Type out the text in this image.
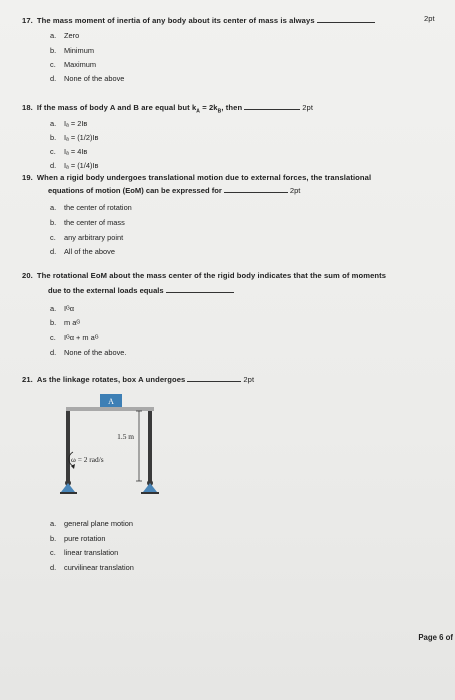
17. The mass moment of inertia of any body about its center of mass is always	2pt
a. Zero
b. Minimum
c. Maximum
d. None of the above
18. If the mass of body A and B are equal but $k_A = 2k_B$, then	2pt
a. Iₐ = 2Iʙ
b. Iₐ = (1/2)Iʙ
c. Iₐ = 4Iʙ
d. Iₐ = (1/4)Iʙ
19. When a rigid body undergoes translational motion due to external forces, the translational
equations of motion (EoM) can be expressed for	2pt
a. the center of rotation
b. the center of mass
c. any arbitrary point
d. All of the above
20. The rotational EoM about the mass center of the rigid body indicates that the sum of moments
due to the external loads equals
a. Iᴳα
b. m aᴳ
c. Iᴳα + m aᴳ
d. None of the above.
21. As the linkage rotates, box A undergoes	2pt
A
1.5 m
ω = 2 rad/s
a. general plane motion
b. pure rotation
c. linear translation
d. curvilinear translation
Page 6 of
